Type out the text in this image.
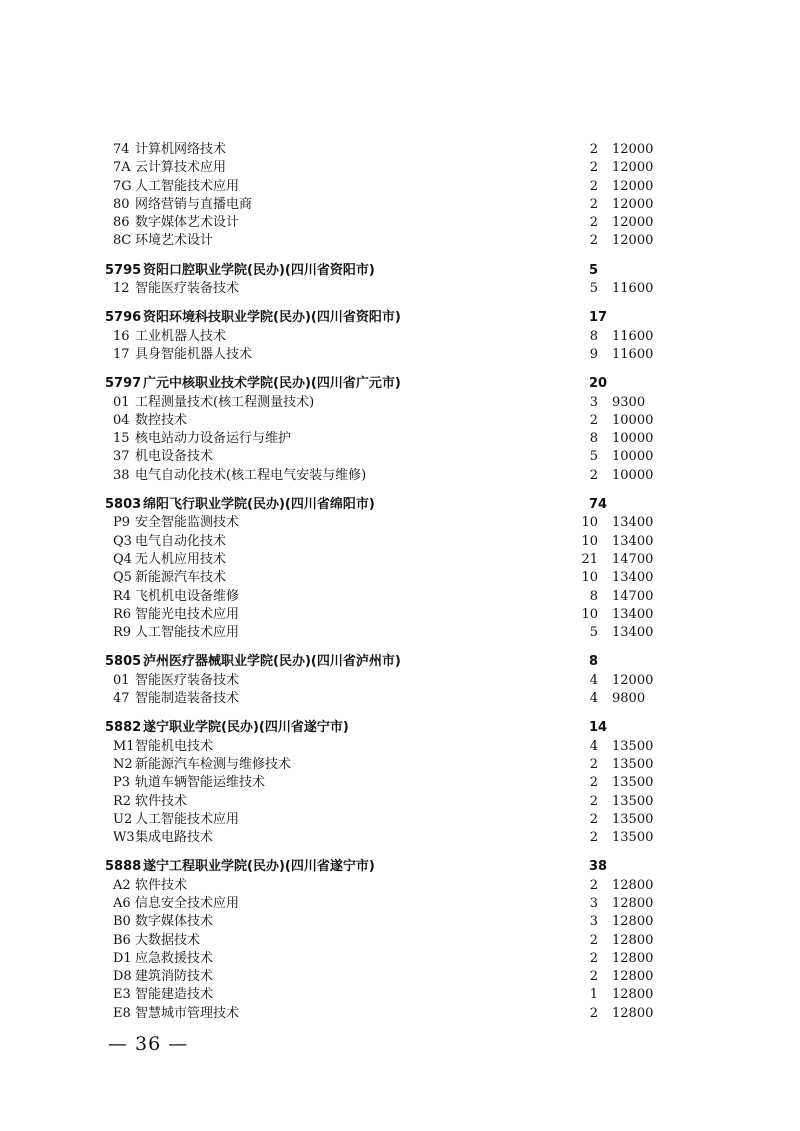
74 计算机网络技术	2 12000
7A 云计算技术应用	2 12000
7G 人工智能技术应用	2 12000
80 网络营销与直播电商	2 12000
86 数字媒体艺术设计	2 12000
8C 环境艺术设计	2 12000
5795 资阳口腔职业学院(民办)(四川省资阳市)	5
12 智能医疗装备技术	5 11600
5796 资阳环境科技职业学院(民办)(四川省资阳市)	17
16 工业机器人技术	8 11600
17 具身智能机器人技术	9 11600
5797 广元中核职业技术学院(民办)(四川省广元市)	20
01 工程测量技术(核工程测量技术)	3 9300
04 数控技术	2 10000
15 核电站动力设备运行与维护	8 10000
37 机电设备技术	5 10000
38 电气自动化技术(核工程电气安装与维修)	2 10000
5803 绵阳飞行职业学院(民办)(四川省绵阳市)	74
P9 安全智能监测技术	10 13400
Q3 电气自动化技术	10 13400
Q4 无人机应用技术	21 14700
Q5 新能源汽车技术	10 13400
R4 飞机机电设备维修	8 14700
R6 智能光电技术应用	10 13400
R9 人工智能技术应用	5 13400
5805 泸州医疗器械职业学院(民办)(四川省泸州市)	8
01 智能医疗装备技术	4 12000
47 智能制造装备技术	4 9800
5882 遂宁职业学院(民办)(四川省遂宁市)	14
M1 智能机电技术	4 13500
N2 新能源汽车检测与维修技术	2 13500
P3 轨道车辆智能运维技术	2 13500
R2 软件技术	2 13500
U2 人工智能技术应用	2 13500
W3 集成电路技术	2 13500
5888 遂宁工程职业学院(民办)(四川省遂宁市)	38
A2 软件技术	2 12800
A6 信息安全技术应用	3 12800
B0 数字媒体技术	3 12800
B6 大数据技术	2 12800
D1 应急救援技术	2 12800
D8 建筑消防技术	2 12800
E3 智能建造技术	1 12800
E8 智慧城市管理技术	2 12800
— 36 —
